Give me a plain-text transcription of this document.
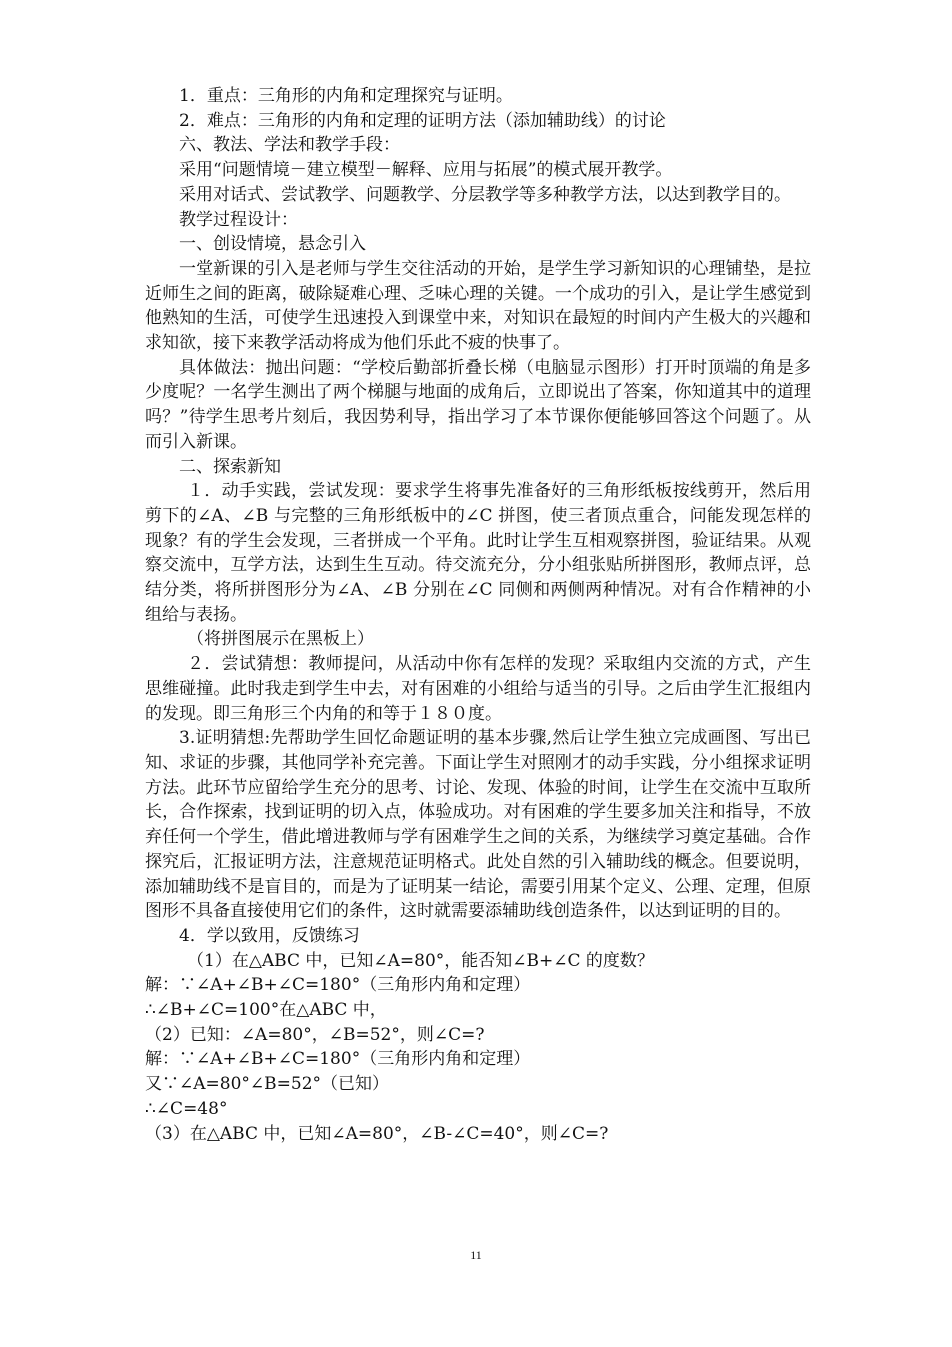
1．重点：三角形的内角和定理探究与证明。

2．难点：三角形的内角和定理的证明方法（添加辅助线）的讨论

六、教法、学法和教学手段：

采用“问题情境－建立模型－解释、应用与拓展”的模式展开教学。

采用对话式、尝试教学、问题教学、分层教学等多种教学方法，以达到教学目的。

教学过程设计：

一、创设情境，悬念引入

一堂新课的引入是老师与学生交往活动的开始，是学生学习新知识的心理铺垫，是拉近师生之间的距离，破除疑难心理、乏味心理的关键。一个成功的引入，是让学生感觉到他熟知的生活，可使学生迅速投入到课堂中来，对知识在最短的时间内产生极大的兴趣和求知欲，接下来教学活动将成为他们乐此不疲的快事了。

具体做法：抛出问题：“学校后勤部折叠长梯（电脑显示图形）打开时顶端的角是多少度呢？一名学生测出了两个梯腿与地面的成角后，立即说出了答案，你知道其中的道理吗？”待学生思考片刻后，我因势利导，指出学习了本节课你便能够回答这个问题了。从而引入新课。

二、探索新知

１．动手实践，尝试发现：要求学生将事先准备好的三角形纸板按线剪开，然后用剪下的∠A、∠B 与完整的三角形纸板中的∠C 拼图，使三者顶点重合，问能发现怎样的现象？有的学生会发现，三者拼成一个平角。此时让学生互相观察拼图，验证结果。从观察交流中，互学方法，达到生生互动。待交流充分，分小组张贴所拼图形，教师点评，总结分类，将所拼图形分为∠A、∠B 分别在∠C 同侧和两侧两种情况。对有合作精神的小组给与表扬。

（将拼图展示在黑板上）

２．尝试猜想：教师提问，从活动中你有怎样的发现？采取组内交流的方式，产生思维碰撞。此时我走到学生中去，对有困难的小组给与适当的引导。之后由学生汇报组内的发现。即三角形三个内角的和等于１８０度。

3.证明猜想:先帮助学生回忆命题证明的基本步骤,然后让学生独立完成画图、写出已知、求证的步骤，其他同学补充完善。下面让学生对照刚才的动手实践，分小组探求证明方法。此环节应留给学生充分的思考、讨论、发现、体验的时间，让学生在交流中互取所长，合作探索，找到证明的切入点，体验成功。对有困难的学生要多加关注和指导，不放弃任何一个学生，借此增进教师与学有困难学生之间的关系，为继续学习奠定基础。合作探究后，汇报证明方法，注意规范证明格式。此处自然的引入辅助线的概念。但要说明，添加辅助线不是盲目的，而是为了证明某一结论，需要引用某个定义、公理、定理，但原图形不具备直接使用它们的条件，这时就需要添辅助线创造条件，以达到证明的目的。

4．学以致用，反馈练习

（1）在△ABC 中，已知∠A=80°，能否知∠B+∠C 的度数？

解：∵∠A+∠B+∠C=180°（三角形内角和定理）

∴∠B+∠C=100°在△ABC 中，

（2）已知：∠A=80°，∠B=52°，则∠C=?

解：∵∠A+∠B+∠C=180°（三角形内角和定理）

又∵∠A=80°∠B=52°（已知）

∴∠C=48°

（3）在△ABC 中，已知∠A=80°，∠B-∠C=40°，则∠C=?

11
